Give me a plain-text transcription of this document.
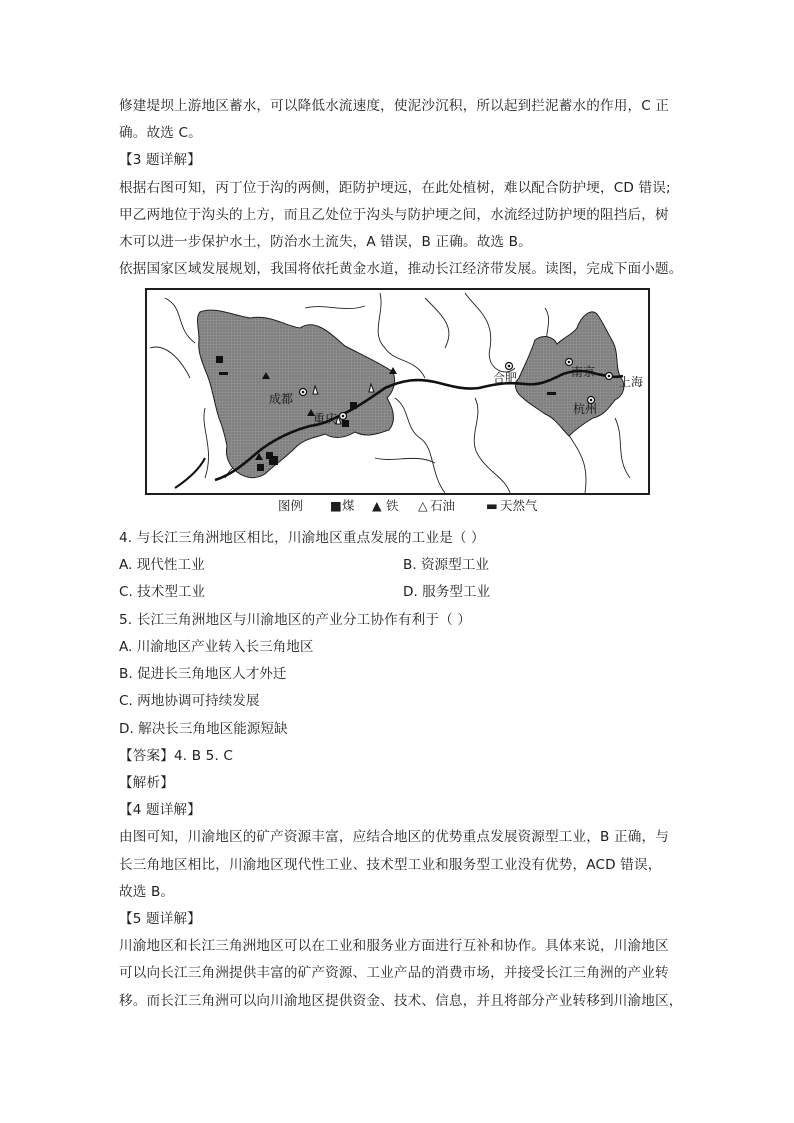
修建堤坝上游地区蓄水，可以降低水流速度，使泥沙沉积，所以起到拦泥蓄水的作用，C 正
确。故选 C。
【3 题详解】
根据右图可知，丙丁位于沟的两侧，距防护埂远，在此处植树，难以配合防护埂，CD 错误;
甲乙两地位于沟头的上方，而且乙处位于沟头与防护埂之间，水流经过防护埂的阻挡后，树
木可以进一步保护水土，防治水土流失，A 错误，B 正确。故选 B。
依据国家区域发展规划，我国将依托黄金水道，推动长江经济带发展。读图，完成下面小题。
成都
重庆
合肥	南京
上海
杭州
图例 ■ 煤 ▲ 铁 △ 石油 ▬ 天然气
4. 与长江三角洲地区相比，川渝地区重点发展的工业是（ ）
A. 现代性工业	B. 资源型工业
C. 技术型工业	D. 服务型工业
5. 长江三角洲地区与川渝地区的产业分工协作有利于（ ）
A. 川渝地区产业转入长三角地区
B. 促进长三角地区人才外迁
C. 两地协调可持续发展
D. 解决长三角地区能源短缺
【答案】4. B 5. C
【解析】
【4 题详解】
由图可知，川渝地区的矿产资源丰富，应结合地区的优势重点发展资源型工业，B 正确，与
长三角地区相比，川渝地区现代性工业、技术型工业和服务型工业没有优势，ACD 错误，
故选 B。
【5 题详解】
川渝地区和长江三角洲地区可以在工业和服务业方面进行互补和协作。具体来说，川渝地区
可以向长江三角洲提供丰富的矿产资源、工业产品的消费市场，并接受长江三角洲的产业转
移。而长江三角洲可以向川渝地区提供资金、技术、信息，并且将部分产业转移到川渝地区，
